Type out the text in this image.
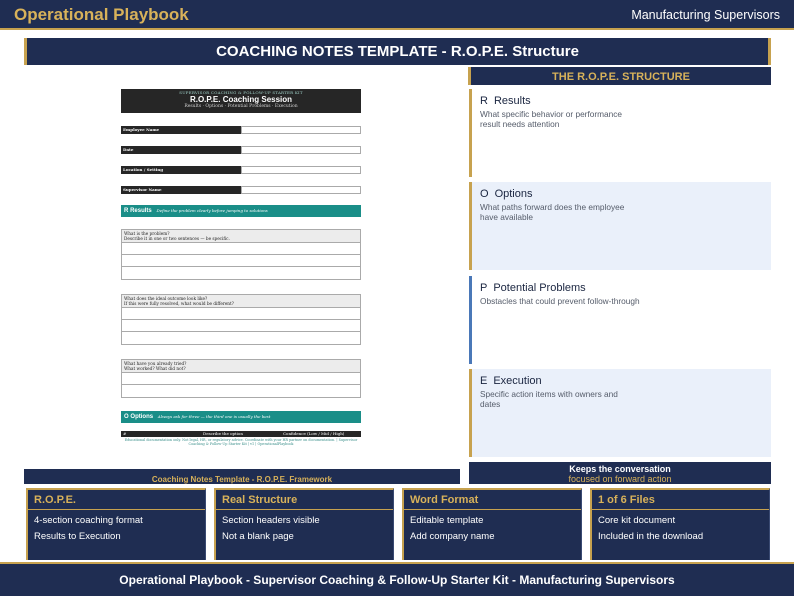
Operational Playbook	Manufacturing Supervisors
COACHING NOTES TEMPLATE - R.O.P.E. Structure
SUPERVISOR COACHING & FOLLOW-UP STARTER KIT
R.O.P.E. Coaching Session
Results · Options · Potential Problems · Execution
Employee Name
Date
Location / Setting
Supervisor Name
R Results Define the problem clearly before jumping to solutions
What is the problem?
Describe it in one or two sentences — be specific.
What does the ideal outcome look like?
If this were fully resolved, what would be different?
What have you already tried?
What worked? What did not?
O Options Always ask for three — the third one is usually the best
#	Describe the option	Confidence (Low / Mid / High)
Educational documentation only. Not legal, HR, or regulatory advice. Coordinate with your HR partner on documentation. | Supervisor Coaching & Follow-Up Starter Kit | v1 | OperationalPlaybook
Coaching Notes Template - R.O.P.E. Framework
THE R.O.P.E. STRUCTURE
R Results
What specific behavior or performance result needs attention
O Options
What paths forward does the employee have available
P Potential Problems
Obstacles that could prevent follow-through
E Execution
Specific action items with owners and dates
Keeps the conversation
focused on forward action
R.O.P.E.
4-section coaching format
Results to Execution
Real Structure
Section headers visible
Not a blank page
Word Format
Editable template
Add company name
1 of 6 Files
Core kit document
Included in the download
Operational Playbook - Supervisor Coaching & Follow-Up Starter Kit - Manufacturing Supervisors
